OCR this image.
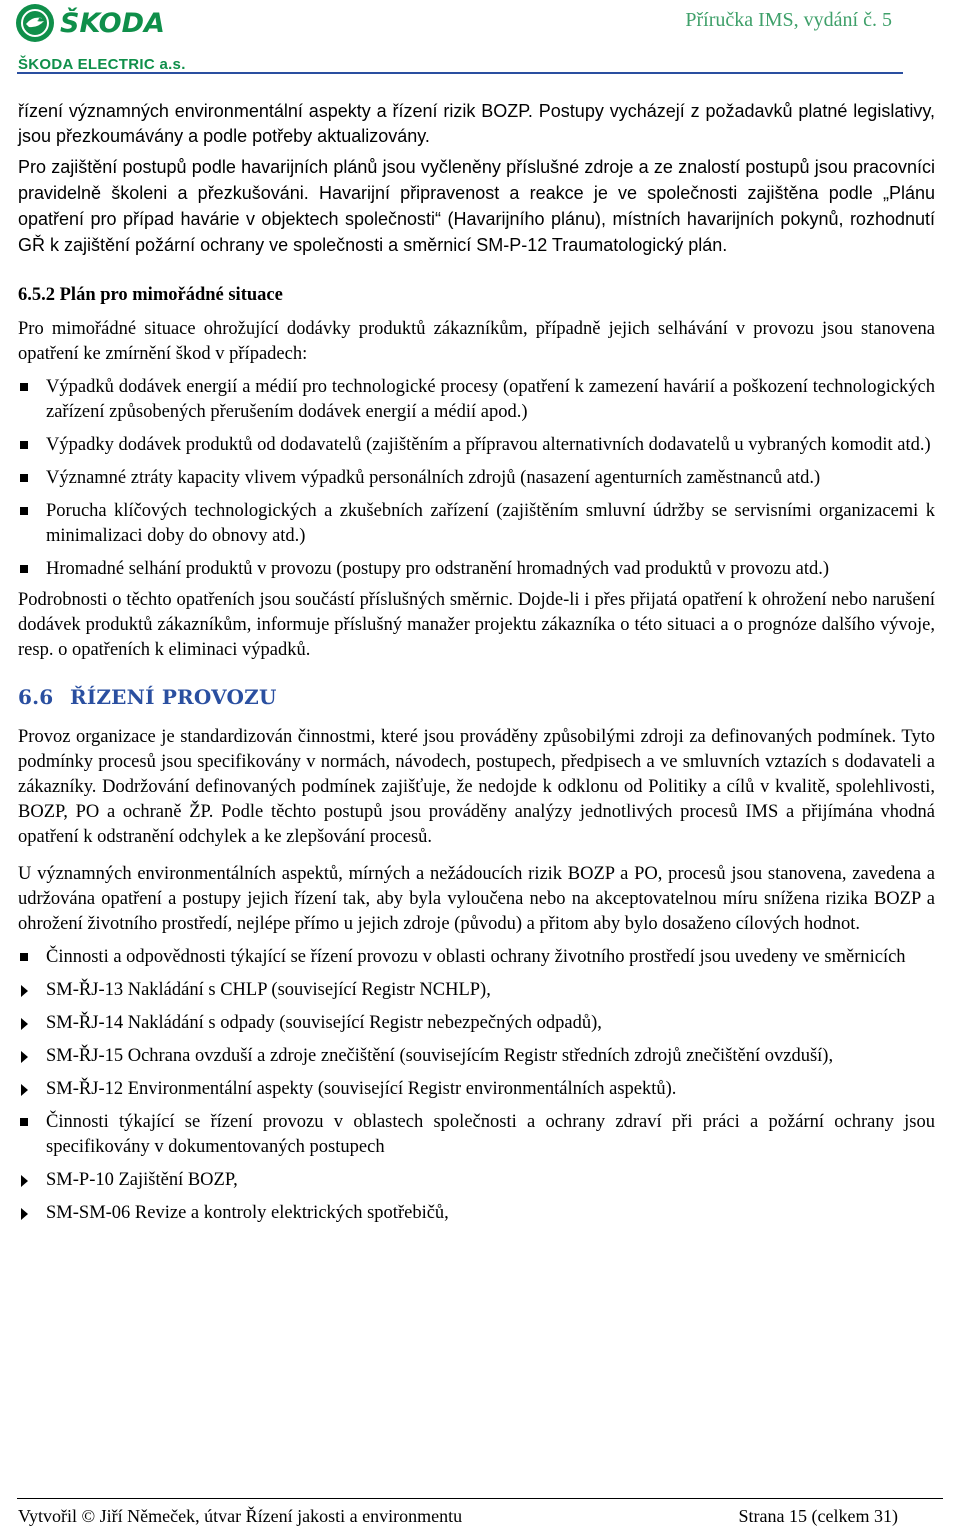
ŠKODA
ŠKODA ELECTRIC a.s.
Příručka IMS, vydání č. 5

řízení významných environmentální aspekty a řízení rizik BOZP. Postupy vycházejí z požadavků platné legislativy, jsou přezkoumávány a podle potřeby aktualizovány.

Pro zajištění postupů podle havarijních plánů jsou vyčleněny příslušné zdroje a ze znalostí postupů jsou pracovníci pravidelně školeni a přezkušováni. Havarijní připravenost a reakce je ve společnosti zajištěna podle „Plánu opatření pro případ havárie v objektech společnosti“ (Havarijního plánu), místních havarijních pokynů, rozhodnutí GŘ k zajištění požární ochrany ve společnosti a směrnicí SM-P-12 Traumatologický plán.

6.5.2 Plán pro mimořádné situace

Pro mimořádné situace ohrožující dodávky produktů zákazníkům, případně jejich selhávání v provozu jsou stanovena opatření ke zmírnění škod v případech:

Výpadků dodávek energií a médií pro technologické procesy (opatření k zamezení havárií a poškození technologických zařízení způsobených přerušením dodávek energií a médií apod.)
Výpadky dodávek produktů od dodavatelů (zajištěním a přípravou alternativních dodavatelů u vybraných komodit atd.)
Významné ztráty kapacity vlivem výpadků personálních zdrojů (nasazení agenturních zaměstnanců atd.)
Porucha klíčových technologických a zkušebních zařízení (zajištěním smluvní údržby se servisními organizacemi k minimalizaci doby do obnovy atd.)
Hromadné selhání produktů v provozu (postupy pro odstranění hromadných vad produktů v provozu atd.)

Podrobnosti o těchto opatřeních jsou součástí příslušných směrnic. Dojde-li i přes přijatá opatření k ohrožení nebo narušení dodávek produktů zákazníkům, informuje příslušný manažer projektu zákazníka o této situaci a o prognóze dalšího vývoje, resp. o opatřeních k eliminaci výpadků.

6.6 ŘÍZENÍ PROVOZU

Provoz organizace je standardizován činnostmi, které jsou prováděny způsobilými zdroji za definovaných podmínek. Tyto podmínky procesů jsou specifikovány v normách, návodech, postupech, předpisech a ve smluvních vztazích s dodavateli a zákazníky. Dodržování definovaných podmínek zajišťuje, že nedojde k odklonu od Politiky a cílů v kvalitě, spolehlivosti, BOZP, PO a ochraně ŽP. Podle těchto postupů jsou prováděny analýzy jednotlivých procesů IMS a přijímána vhodná opatření k odstranění odchylek a ke zlepšování procesů.

U významných environmentálních aspektů, mírných a nežádoucích rizik BOZP a PO, procesů jsou stanovena, zavedena a udržována opatření a postupy jejich řízení tak, aby byla vyloučena nebo na akceptovatelnou míru snížena rizika BOZP a ohrožení životního prostředí, nejlépe přímo u jejich zdroje (původu) a přitom aby bylo dosaženo cílových hodnot.

Činnosti a odpovědnosti týkající se řízení provozu v oblasti ochrany životního prostředí jsou uvedeny ve směrnicích
SM-ŘJ-13 Nakládání s CHLP (související Registr NCHLP),
SM-ŘJ-14 Nakládání s odpady (související Registr nebezpečných odpadů),
SM-ŘJ-15 Ochrana ovzduší a zdroje znečištění (souvisejícím Registr středních zdrojů znečištění ovzduší),
SM-ŘJ-12 Environmentální aspekty (související Registr environmentálních aspektů).
Činnosti týkající se řízení provozu v oblastech společnosti a ochrany zdraví při práci a požární ochrany jsou specifikovány v dokumentovaných postupech
SM-P-10 Zajištění BOZP,
SM-SM-06 Revize a kontroly elektrických spotřebičů,
Vytvořil © Jiří Němeček, útvar Řízení jakosti a environmentu	Strana 15 (celkem 31)
